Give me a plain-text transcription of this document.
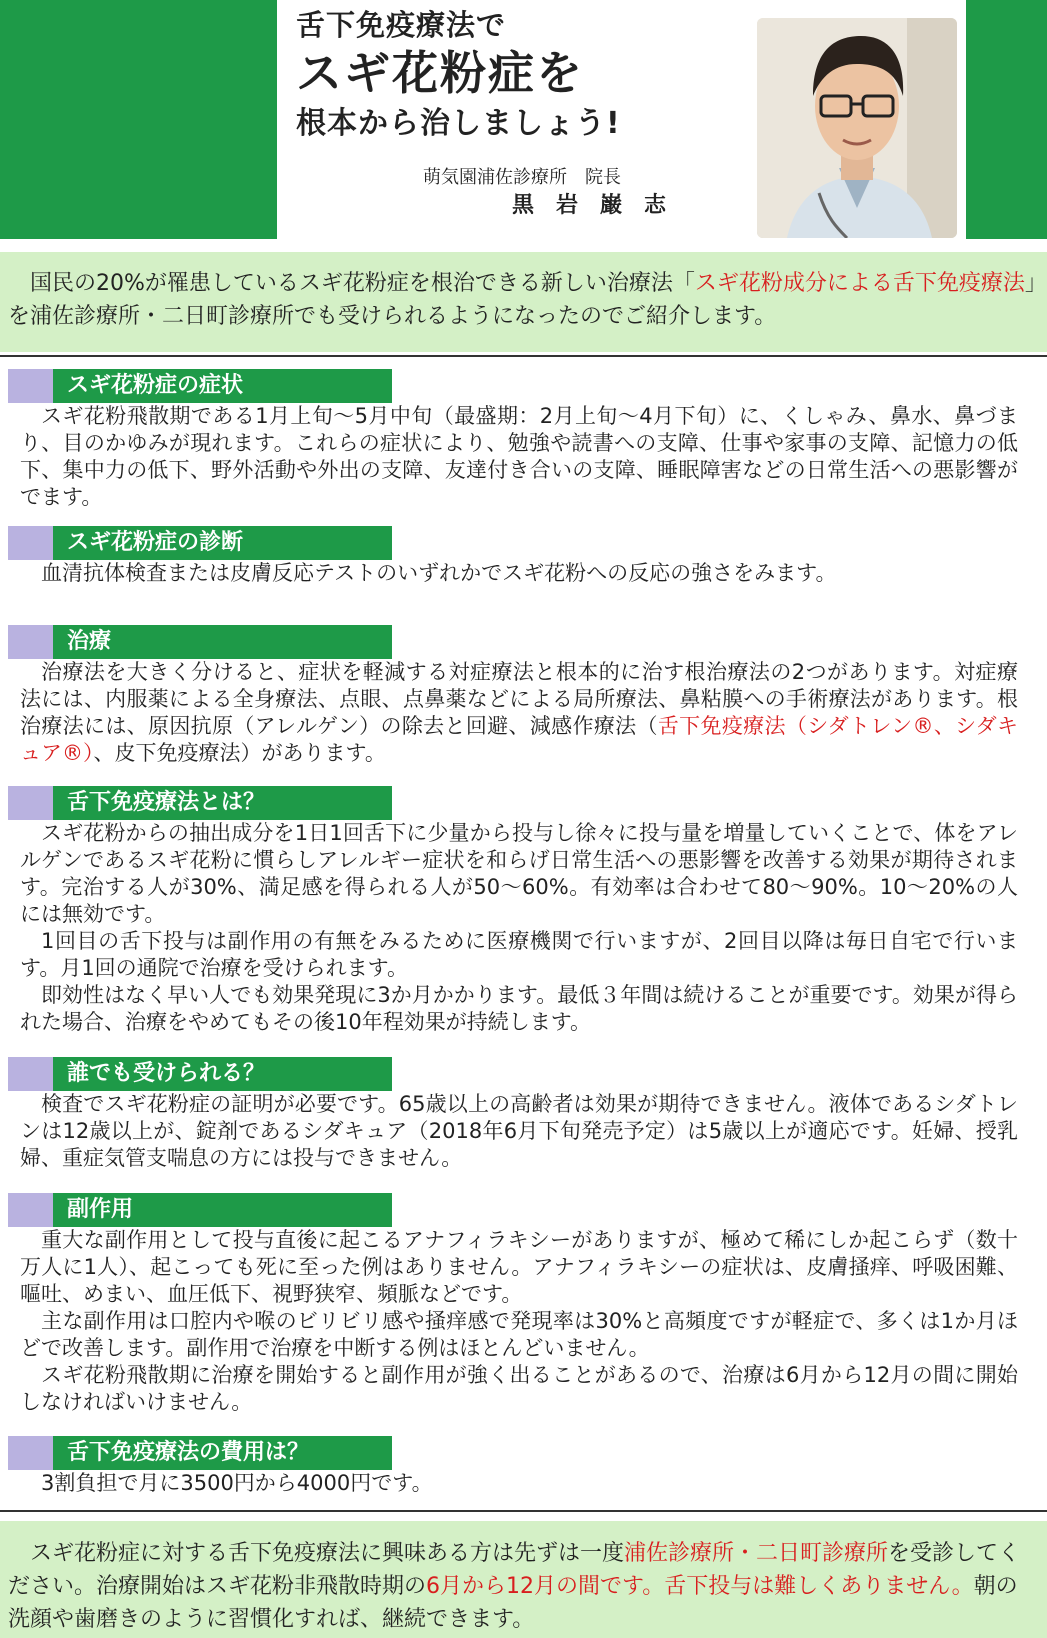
舌下免疫療法で
スギ花粉症を
根本から治しましょう!
萌気園浦佐診療所　院長
黒岩巌志
国民の20%が罹患しているスギ花粉症を根治できる新しい治療法「スギ花粉成分による舌下免疫療法」を浦佐診療所・二日町診療所でも受けられるようになったのでご紹介します。
スギ花粉症の症状

スギ花粉飛散期である1月上旬〜5月中旬（最盛期：2月上旬〜4月下旬）に、くしゃみ、鼻水、鼻づまり、目のかゆみが現れます。これらの症状により、勉強や読書への支障、仕事や家事の支障、記憶力の低下、集中力の低下、野外活動や外出の支障、友達付き合いの支障、睡眠障害などの日常生活への悪影響がでます。

スギ花粉症の診断

血清抗体検査または皮膚反応テストのいずれかでスギ花粉への反応の強さをみます。

治療

治療法を大きく分けると、症状を軽減する対症療法と根本的に治す根治療法の2つがあります。対症療法には、内服薬による全身療法、点眼、点鼻薬などによる局所療法、鼻粘膜への手術療法があります。根治療法には、原因抗原（アレルゲン）の除去と回避、減感作療法（舌下免疫療法（シダトレン®、シダキュア®）、皮下免疫療法）があります。

舌下免疫療法とは？

スギ花粉からの抽出成分を1日1回舌下に少量から投与し徐々に投与量を増量していくことで、体をアレルゲンであるスギ花粉に慣らしアレルギー症状を和らげ日常生活への悪影響を改善する効果が期待されます。完治する人が30%、満足感を得られる人が50〜60%。有効率は合わせて80〜90%。10〜20%の人には無効です。

1回目の舌下投与は副作用の有無をみるために医療機関で行いますが、2回目以降は毎日自宅で行います。月1回の通院で治療を受けられます。

即効性はなく早い人でも効果発現に3か月かかります。最低３年間は続けることが重要です。効果が得られた場合、治療をやめてもその後10年程効果が持続します。

誰でも受けられる？

検査でスギ花粉症の証明が必要です。65歳以上の高齢者は効果が期待できません。液体であるシダトレンは12歳以上が、錠剤であるシダキュア（2018年6月下旬発売予定）は5歳以上が適応です。妊婦、授乳婦、重症気管支喘息の方には投与できません。

副作用

重大な副作用として投与直後に起こるアナフィラキシーがありますが、極めて稀にしか起こらず（数十万人に1人）、起こっても死に至った例はありません。アナフィラキシーの症状は、皮膚掻痒、呼吸困難、嘔吐、めまい、血圧低下、視野狭窄、頻脈などです。

主な副作用は口腔内や喉のビリビリ感や掻痒感で発現率は30%と高頻度ですが軽症で、多くは1か月ほどで改善します。副作用で治療を中断する例はほとんどいません。

スギ花粉飛散期に治療を開始すると副作用が強く出ることがあるので、治療は6月から12月の間に開始しなければいけません。

舌下免疫療法の費用は？

3割負担で月に3500円から4000円です。

スギ花粉症に対する舌下免疫療法に興味ある方は先ずは一度浦佐診療所・二日町診療所を受診してください。治療開始はスギ花粉非飛散時期の6月から12月の間です。舌下投与は難しくありません。朝の洗顔や歯磨きのように習慣化すれば、継続できます。
